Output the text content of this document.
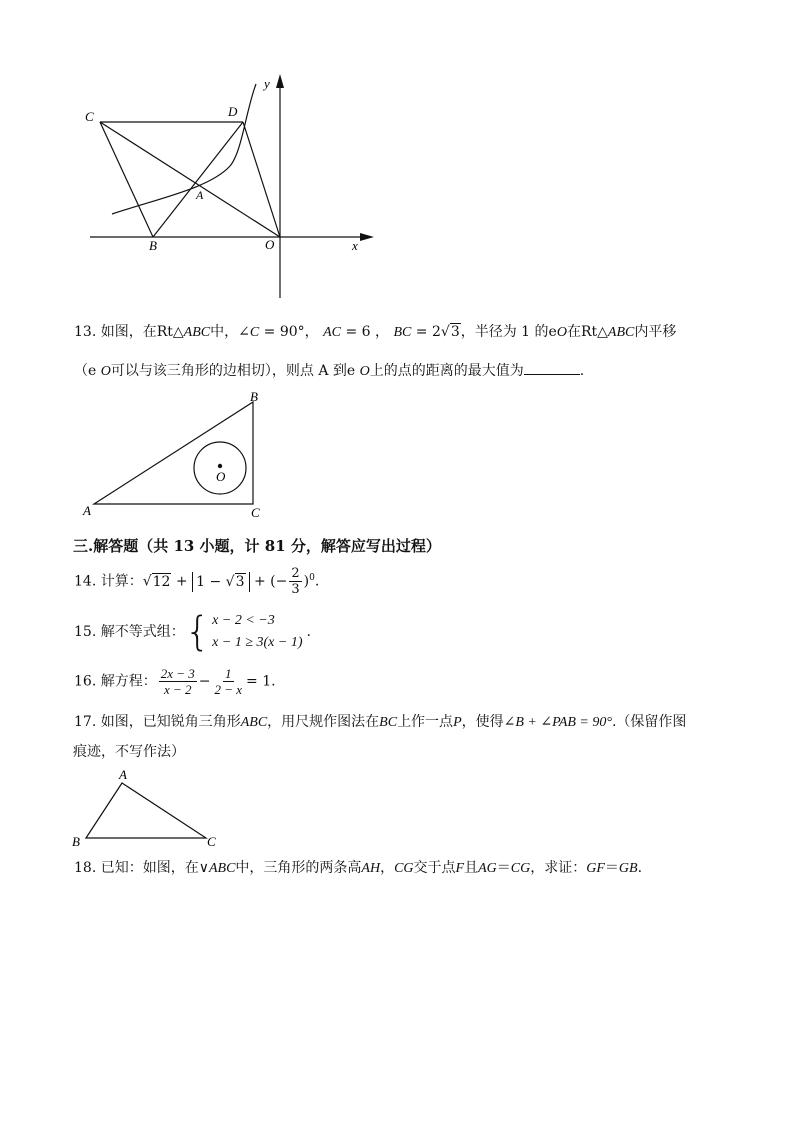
y
x
C	D
A
B	O
13. 如图，在Rt△ABC中，∠C = 90°， AC = 6 ， BC = 2√3，半径为 1 的eO在Rt△ABC内平移
（e O可以与该三角形的边相切），则点 A 到e O上的点的距离的最大值为	.
O
A
B
C
三.解答题（共 13 小题，计 81 分，解答应写出过程）
14. 计算：√12 + 1 − √3 + (− $\frac{2}{3} )^0$.
15. 解不等式组：{ x − 2 < −3
x − 1 ≥ 3(x − 1)
.
16. 解方程： $\frac{2x - 3}{x - 2} - \frac{1}{2 - x} = 1$.
17. 如图，已知锐角三角形ABC，用尺规作图法在BC上作一点P，使得∠B + ∠PAB = 90°.（保留作图
痕迹，不写作法）
A
B	C
18. 已知：如图，在∨ABC中，三角形的两条高AH，CG交于点F且AG＝CG，求证：GF＝GB.
